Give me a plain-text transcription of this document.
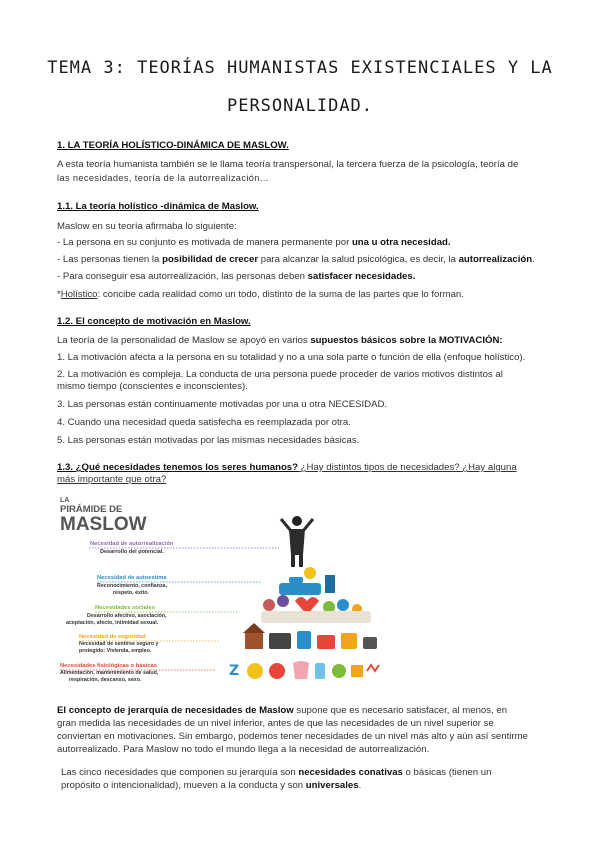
TEMA 3: TEORÍAS HUMANISTAS EXISTENCIALES Y LA
PERSONALIDAD.
1. LA TEORÍA HOLÍSTICO-DINÁMICA DE MASLOW.
A esta teoría humanista también se le llama teoría transpersonal, la tercera fuerza de la psicología, teoría de
las necesidades, teoría de la autorrealización...
1.1. La teoría holístico -dinámica de Maslow.
Maslow en su teoría afirmaba lo siguiente:
- La persona en su conjunto es motivada de manera permanente por una u otra necesidad.
- Las personas tienen la posibilidad de crecer para alcanzar la salud psicológica, es decir, la autorrealización.
- Para conseguir esa autorrealización, las personas deben satisfacer necesidades.
*Holístico: concibe cada realidad como un todo, distinto de la suma de las partes que lo forman.
1.2. El concepto de motivación en Maslow.
La teoría de la personalidad de Maslow se apoyó en varios supuestos básicos sobre la MOTIVACIÓN:
1. La motivación afecta a la persona en su totalidad y no a una sola parte o función de ella (enfoque holístico).
2. La motivación es compleja. La conducta de una persona puede proceder de varios motivos distintos al
mismo tiempo (conscientes e inconscientes).
3. Las personas están continuamente motivadas por una u otra NECESIDAD.
4. Cuando una necesidad queda satisfecha es reemplazada por otra.
5. Las personas están motivadas por las mismas necesidades básicas.
1.3. ¿Qué necesidades tenemos los seres humanos? ¿Hay distintos tipos de necesidades? ¿Hay alguna
más importante que otra?
LA
PIRÁMIDE DE
MASLOW
Necesidad de autorrealización
Desarrollo del potencial.
Necesidad de autoestima
Reconocimiento, confianza,
respeto, éxito.
Necesidades sociales
Desarrollo afectivo, asociación,
aceptación, afecto, intimidad sexual.
Necesidad de seguridad
Necesidad de sentirse seguro y
protegido: Vivienda, empleo.
Necesidades fisiológicas o básicas
Alimentación, mantenimiento de salud,
respiración, descanso, sexo.
Z
El concepto de jerarquía de necesidades de Maslow supone que es necesario satisfacer, al menos, en
gran medida las necesidades de un nivel inferior, antes de que las necesidades de un nivel superior se
conviertan en motivaciones. Sin embargo, podemos tener necesidades de un nivel más alto y aún así sentirme
autorrealizado. Para Maslow no todo el mundo llega a la necesidad de autorrealización.
Las cinco necesidades que componen su jerarquía son necesidades conativas o básicas (tienen un
propósito o intencionalidad), mueven a la conducta y son universales.
